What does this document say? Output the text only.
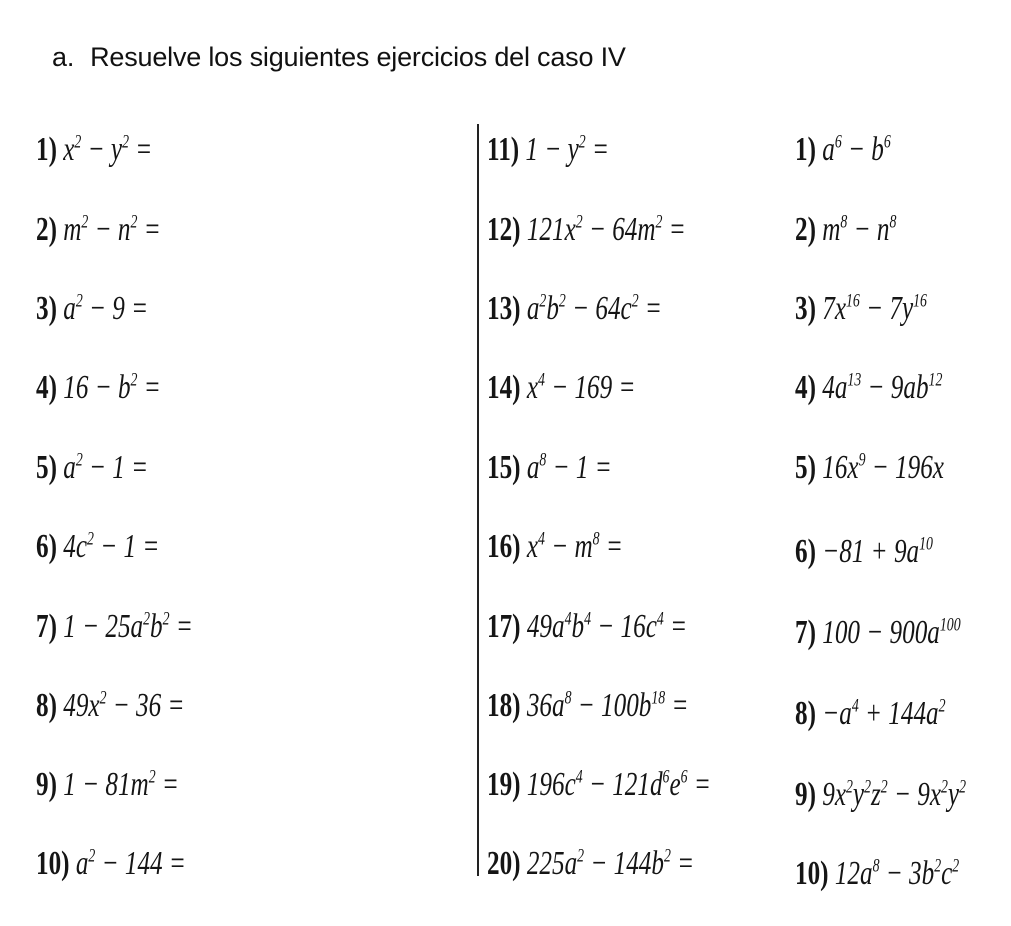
a. Resuelve los siguientes ejercicios del caso IV
1) $x^2 - y^2$ =
2) $m^2 - n^2$ =
3) $a^2 - 9$ =
4) $16 - b^2$ =
5) $a^2 - 1$ =
6) $4c^2 - 1$ =
7) $1 - 25a^2b^2$ =
8) $49x^2 - 36$ =
9) $1 - 81m^2$ =
10) $a^2 - 144$ =
11) $1 - y^2$ =
12) $121x^2 - 64m^2$ =
13) $a^2b^2 - 64c^2$ =
14) $x^4 - 169$ =
15) $a^8 - 1$ =
16) $x^4 - m^8$ =
17) $49a^4b^4 - 16c^4$ =
18) $36a^8 - 100b^{18}$ =
19) $196c^4 - 121d^6e^6$ =
20) $225a^2 - 144b^2$ =
1) $a^6 - b^6$
2) $m^8 - n^8$
3) $7x^{16} - 7y^{16}$
4) $4a^{13} - 9ab^{12}$
5) $16x^9 - 196x$
$6) -81 + 9a^{10}$
7) $100 - 900a^{100}$
$8) -a^4 + 144a^2$
9) $9x^2y^2z^2 - 9x^2y^2$
10) $12a^8 - 3b^2c^2$
